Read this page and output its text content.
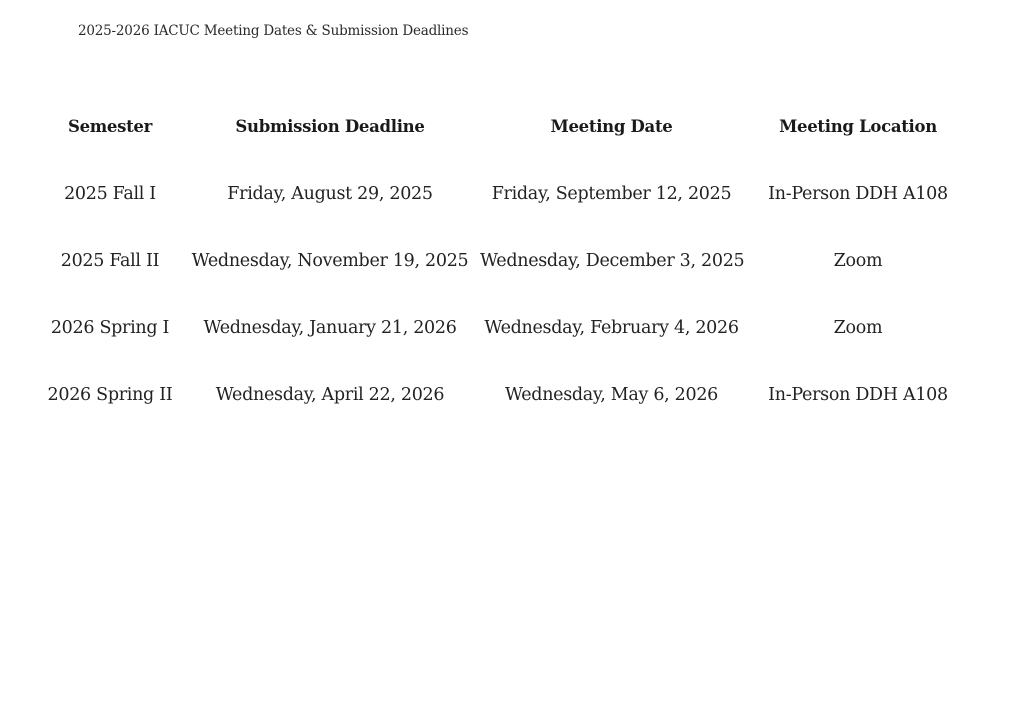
2025-2026 IACUC Meeting Dates & Submission Deadlines
Semester	Submission Deadline	Meeting Date	Meeting Location
2025 Fall I	Friday, August 29, 2025	Friday, September 12, 2025	In-Person DDH A108
2025 Fall II	Wednesday, November 19, 2025	Wednesday, December 3, 2025	Zoom
2026 Spring I	Wednesday, January 21, 2026	Wednesday, February 4, 2026	Zoom
2026 Spring II	Wednesday, April 22, 2026	Wednesday, May 6, 2026	In-Person DDH A108
